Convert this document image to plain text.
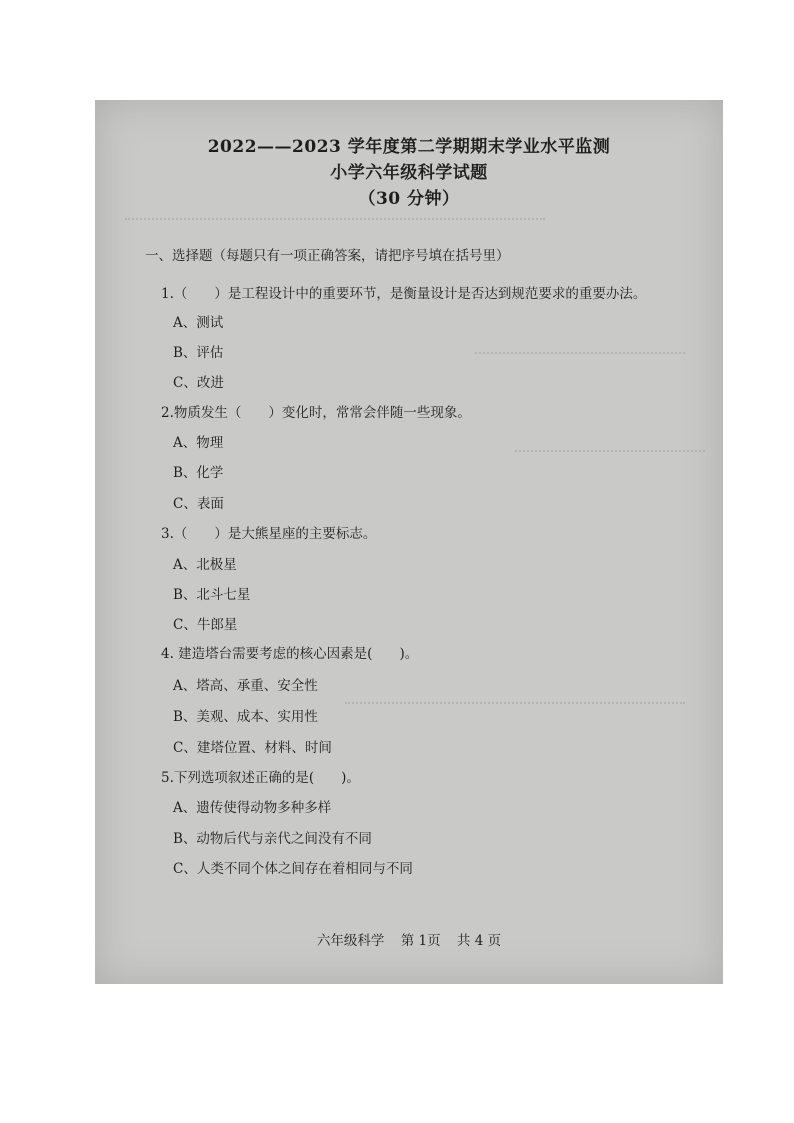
2022——2023 学年度第二学期期末学业水平监测
小学六年级科学试题
（30 分钟）
一、选择题（每题只有一项正确答案，请把序号填在括号里）
1.（　　）是工程设计中的重要环节，是衡量设计是否达到规范要求的重要办法。
A、测试
B、评估
C、改进
2.物质发生（　　）变化时，常常会伴随一些现象。
A、物理
B、化学
C、表面
3.（　　）是大熊星座的主要标志。
A、北极星
B、北斗七星
C、牛郎星
4. 建造塔台需要考虑的核心因素是(　　)。
A、塔高、承重、安全性
B、美观、成本、实用性
C、建塔位置、材料、时间
5.下列选项叙述正确的是(　　)。
A、遗传使得动物多种多样
B、动物后代与亲代之间没有不同
C、人类不同个体之间存在着相同与不同
六年级科学 第 1页 共 4 页
